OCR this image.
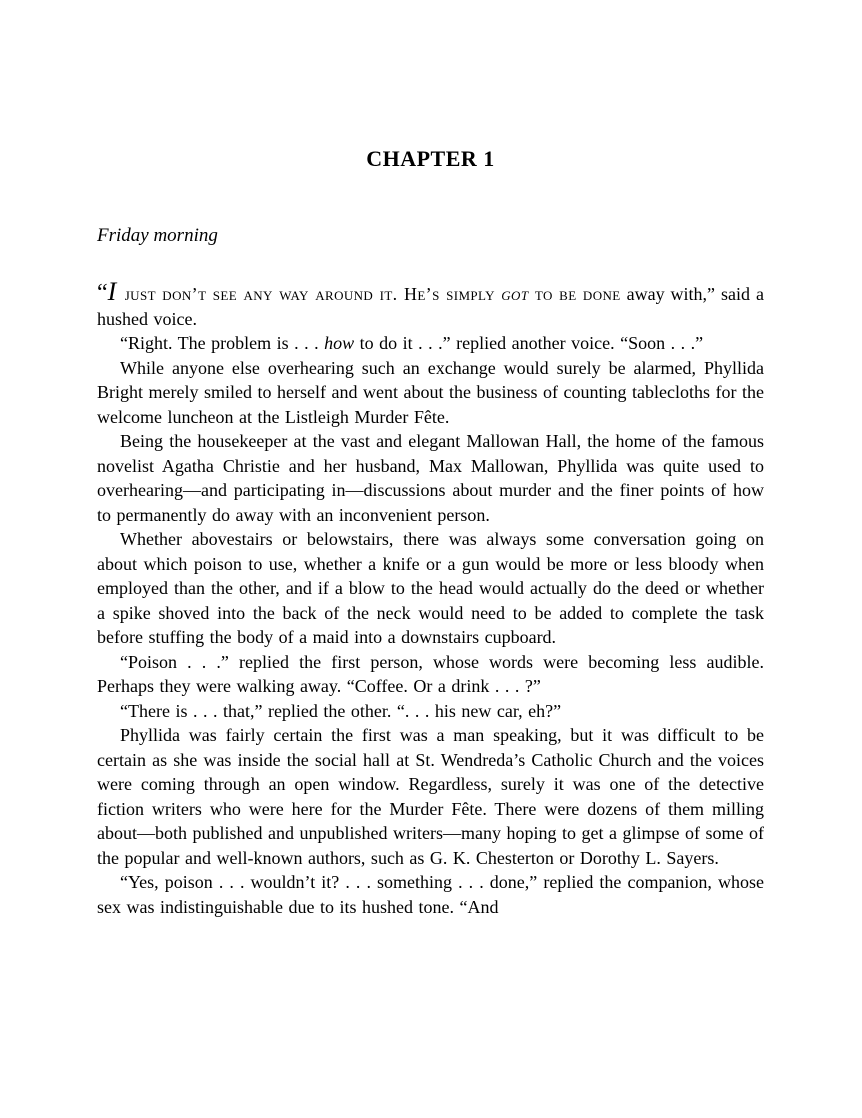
CHAPTER 1
Friday morning

“I just don’t see any way around it. He’s simply got to be done away with,” said a hushed voice.

“Right. The problem is . . . how to do it . . .” replied another voice. “Soon . . .”

While anyone else overhearing such an exchange would surely be alarmed, Phyllida Bright merely smiled to herself and went about the business of counting tablecloths for the welcome luncheon at the Listleigh Murder Fête.

Being the housekeeper at the vast and elegant Mallowan Hall, the home of the famous novelist Agatha Christie and her husband, Max Mallowan, Phyllida was quite used to overhearing—and participating in—discussions about murder and the finer points of how to permanently do away with an inconvenient person.

Whether abovestairs or belowstairs, there was always some conversation going on about which poison to use, whether a knife or a gun would be more or less bloody when employed than the other, and if a blow to the head would actually do the deed or whether a spike shoved into the back of the neck would need to be added to complete the task before stuffing the body of a maid into a downstairs cupboard.

“Poison . . .” replied the first person, whose words were becoming less audible. Perhaps they were walking away. “Coffee. Or a drink . . . ?”

“There is . . . that,” replied the other. “. . . his new car, eh?”

Phyllida was fairly certain the first was a man speaking, but it was difficult to be certain as she was inside the social hall at St. Wendreda’s Catholic Church and the voices were coming through an open window. Regardless, surely it was one of the detective fiction writers who were here for the Murder Fête. There were dozens of them milling about—both published and unpublished writers—many hoping to get a glimpse of some of the popular and well-known authors, such as G. K. Chesterton or Dorothy L. Sayers.

“Yes, poison . . . wouldn’t it? . . . something . . . done,” replied the companion, whose sex was indistinguishable due to its hushed tone. “And
